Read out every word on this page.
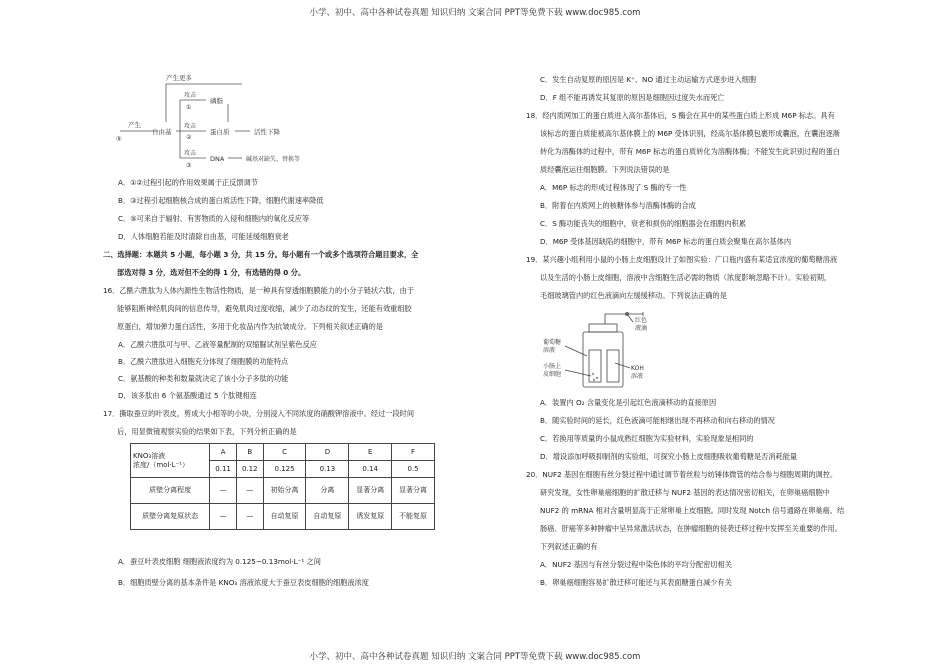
小学、初中、高中各种试卷真题 知识归纳 文案合同 PPT等免费下载 www.doc985.com
产生更多
产生
⑤
自由基
攻击
①
磷脂
攻击
②
蛋白质	活性下降
攻击
③
DNA	碱基对缺失、替换等
A．①②过程引起的作用效果属于正反馈调节
B．③过程引起细胞核合成的蛋白质活性下降，细胞代谢速率降低
C．⑤可来自于辐射、有害物质的入侵和细胞内的氧化反应等
D．人体细胞若能及时清除自由基，可能延缓细胞衰老
二、选择题：本题共 5 小题，每小题 3 分，共 15 分。每小题有一个或多个选项符合题目要求，全
部选对得 3 分，选对但不全的得 1 分，有选错的得 0 分。
16．乙酰六胜肽为人体内源性生物活性物质，是一种具有穿透细胞膜能力的小分子链状六肽，由于
能够阻断神经肌肉间的信息传导，避免肌肉过度收缩，减少了动态纹的发生，还能有效重组胶
原蛋白，增加弹力蛋白活性，多用于化妆品内作为抗皱成分。下列相关叙述正确的是
A．乙酰六胜肽可与甲、乙液等量配制的双缩脲试剂呈紫色反应
B．乙酰六胜肽进入细胞充分体现了细胞膜的功能特点
C．氨基酸的种类和数量就决定了该小分子多肽的功能
D．该多肽由 6 个氨基酸通过 5 个肽键相连
17．撕取蚕豆的叶表皮，剪成大小相等的小块，分别浸入不同浓度的硝酸钾溶液中。经过一段时间
后，用显微镜观察实验的结果如下表，下列分析正确的是
KNO₃溶液
浓度/（mol·L⁻¹）	A	B	C	D	E	F
	0.11	0.12	0.125	0.13	0.14	0.5
质壁分离程度	—	—	初始分离	分离	显著分离	显著分离
质壁分离复原状态	—	—	自动复原	自动复原	诱发复原	不能复原
A．蚕豆叶表皮细胞 细胞液浓度约为 0.125~0.13mol·L⁻¹ 之间
B．细胞质壁分离的基本条件是 KNO₃ 溶液浓度大于蚕豆表皮细胞的细胞液浓度
C．发生自动复原的原因是 K⁺、NO 通过主动运输方式逐步进入细胞
D．F 组不能再诱发其复原的原因是细胞因过度失水而死亡
18．经内质网加工的蛋白质进入高尔基体后，S 酶会在其中的某些蛋白质上形成 M6P 标志。具有
该标志的蛋白质能被高尔基体膜上的 M6P 受体识别，经高尔基体膜包裹形成囊泡，在囊泡逐渐
转化为溶酶体的过程中，带有 M6P 标志的蛋白质转化为溶酶体酶；不能发生此识别过程的蛋白
质经囊泡运往细胞膜。下列说法错误的是
A．M6P 标志的形成过程体现了 S 酶的专一性
B．附着在内质网上的核糖体参与溶酶体酶的合成
C．S 酶功能丧失的细胞中，衰老和损伤的细胞器会在细胞内积累
D．M6P 受体基因缺陷的细胞中，带有 M6P 标志的蛋白质会聚集在高尔基体内
19．某兴趣小组利用小鼠的小肠上皮细胞设计了如图实验：广口瓶内盛有某适宜浓度的葡萄糖溶液
以及生活的小肠上皮细胞，溶液中含细胞生活必需的物质（浓度影响忽略不计）。实验初期，
毛细玻璃管内的红色液滴向左缓缓移动。下列说法正确的是
红色
液滴
葡萄糖
溶液
小肠上
皮细胞
KOH
溶液
A．装置内 O₂ 含量变化是引起红色液滴移动的直接原因
B．随实验时间的延长，红色液滴可能相继出现不再移动和向右移动的情况
C．若换用等质量的小鼠成熟红细胞为实验材料，实验现象是相同的
D．增设添加呼吸抑制剂的实验组，可探究小肠上皮细胞吸收葡萄糖是否消耗能量
20．NUF2 基因在细胞有丝分裂过程中通过调节着丝粒与纺锤体微管的结合参与细胞周期的调控。
研究发现，女性卵巢癌细胞的扩散迁移与 NUF2 基因的表达情况密切相关，在卵巢癌细胞中
NUF2 的 mRNA 相对含量明显高于正常卵巢上皮细胞。同时发现 Notch 信号通路在卵巢癌、结
肠癌、肝癌等多种肿瘤中呈异常激活状态，在肿瘤细胞的侵袭迁移过程中发挥至关重要的作用。
下列叙述正确的有
A．NUF2 基因与有丝分裂过程中染色体的平均分配密切相关
B．卵巢癌细胞容易扩散迁移可能还与其表面糖蛋白减少有关
小学、初中、高中各种试卷真题 知识归纳 文案合同 PPT等免费下载 www.doc985.com
